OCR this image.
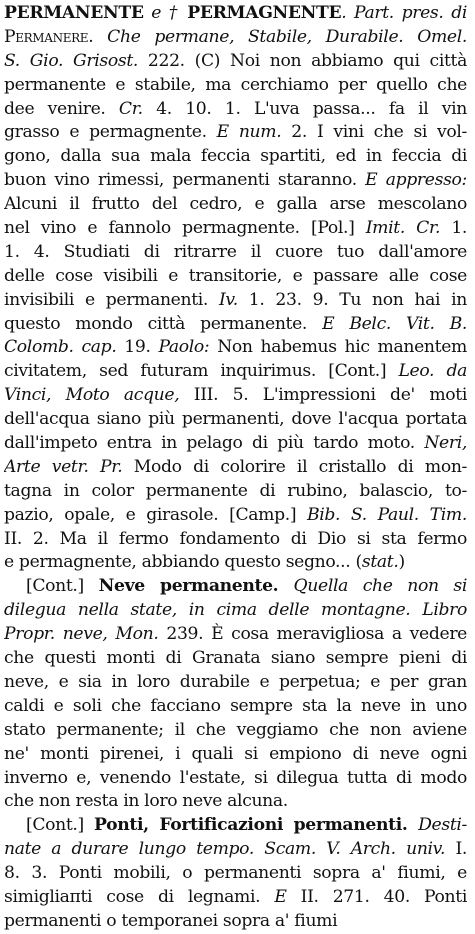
PERMANENTE e † PERMAGNENTE. Part. pres. di
Permanere. Che permane, Stabile, Durabile. Omel.
S. Gio. Grisost. 222. (C) Noi non abbiamo qui città
permanente e stabile, ma cerchiamo per quello che
dee venire. Cr. 4. 10. 1. L'uva passa... fa il vin
grasso e permagnente. E num. 2. I vini che si vol-
gono, dalla sua mala feccia spartiti, ed in feccia di
buon vino rimessi, permanenti staranno. E appresso:
Alcuni il frutto del cedro, e galla arse mescolano
nel vino e fannolo permagnente. [Pol.] Imit. Cr. 1.
1. 4. Studiati di ritrarre il cuore tuo dall'amore
delle cose visibili e transitorie, e passare alle cose
invisibili e permanenti. Iv. 1. 23. 9. Tu non hai in
questo mondo città permanente. E Belc. Vit. B.
Colomb. cap. 19. Paolo: Non habemus hic manentem
civitatem, sed futuram inquirimus. [Cont.] Leo. da
Vinci, Moto acque, III. 5. L'impressioni de' moti
dell'acqua siano più permanenti, dove l'acqua portata
dall'impeto entra in pelago di più tardo moto. Neri,
Arte vetr. Pr. Modo di colorire il cristallo di mon-
tagna in color permanente di rubino, balascio, to-
pazio, opale, e girasole. [Camp.] Bib. S. Paul. Tim.
II. 2. Ma il fermo fondamento di Dio si sta fermo
e permagnente, abbiando questo segno... (stat.)
[Cont.] Neve permanente. Quella che non si
dilegua nella state, in cima delle montagne. Libro
Propr. neve, Mon. 239. È cosa meravigliosa a vedere
che questi monti di Granata siano sempre pieni di
neve, e sia in loro durabile e perpetua; e per gran
caldi e soli che facciano sempre sta la neve in uno
stato permanente; il che veggiamo che non aviene
ne' monti pirenei, i quali si empiono di neve ogni
inverno e, venendo l'estate, si dilegua tutta di modo
che non resta in loro neve alcuna.
[Cont.] Ponti, Fortificazioni permanenti. Desti-
nate a durare lungo tempo. Scam. V. Arch. univ. I.
8. 3. Ponti mobili, o permanenti sopra a' fiumi, e
simigliaπti cose di legnami. E II. 271. 40. Ponti
permanenti o temporanei sopra a' fiumi
